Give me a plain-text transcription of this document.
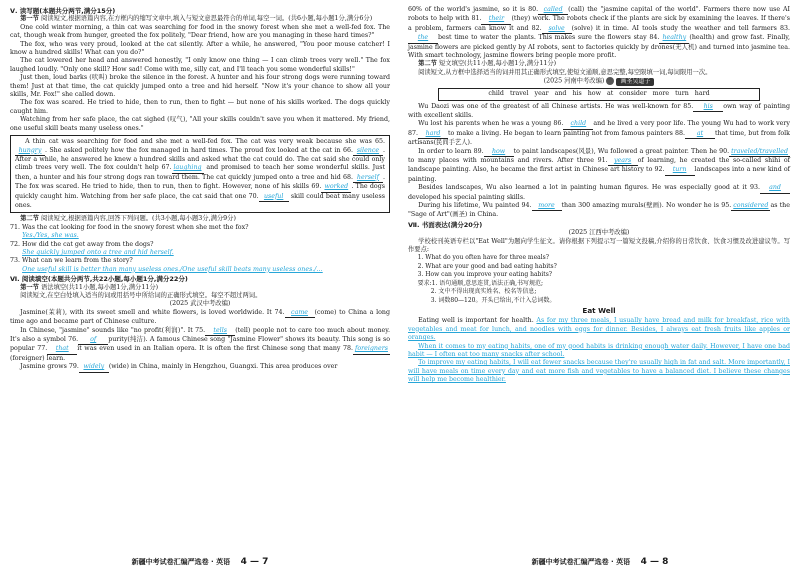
Ⅴ. 读写题(本题共分两节,满分15分)

第一节 阅读短文,根据语篇内容,在方框内的缩写文章中,填入与短文意思最符合的单词,每空一词。(共6小题,每小题1分,满分6分)

One cold winter morning, a thin cat was searching for food in the snowy forest when she met a well-fed fox. The cat, though weak from hunger, greeted the fox politely, "Dear friend, how are you managing in these hard times?"

The fox, who was very proud, looked at the cat silently. After a while, he answered, "You poor mouse catcher! I know a hundred skills! What can you do?"

The cat lowered her head and answered honestly, "I only know one thing — I can climb trees very well." The fox laughed loudly. "Only one skill? How sad! Come with me, silly cat, and I'll teach you some wonderful skills!"

Just then, loud barks (吠叫) broke the silence in the forest. A hunter and his four strong dogs were running toward them! Just at that time, the cat quickly jumped onto a tree and hid herself. "Now it's your chance to show all your skills, Mr. Fox!" she called down.

The fox was scared. He tried to hide, then to run, then to fight — but none of his skills worked. The dogs quickly caught him.

Watching from her safe place, the cat sighed (叹气), "All your skills couldn't save you when it mattered. My friend, one useful skill beats many useless ones."

A thin cat was searching for food and she met a well-fed fox. The cat was very weak because she was 65.hungry . She asked politely how the fox managed in hard times. The proud fox looked at the cat in 66. silence . After a while, he answered he knew a hundred skills and asked what the cat could do. The cat said she could only climb trees very well. The fox couldn't help 67. laughing and promised to teach her some wonderful skills. Just then, a hunter and his four strong dogs ran toward them. The cat quickly jumped onto a tree and hid 68. herself . The fox was scared. He tried to hide, then to run, then to fight. However, none of his skills 69. worked . The dogs quickly caught him. Watching from her safe place, the cat said that one 70. useful skill could beat many useless ones.

第二节 阅读短文,根据语篇内容,回答下列问题。(共3小题,每小题3分,满分9分)

71. Was the cat looking for food in the snowy forest when she met the fox?

Yes./Yes, she was.

72. How did the cat get away from the dogs?

She quickly jumped onto a tree and hid herself.

73. What can we learn from the story?

One useful skill is better than many useless ones./One useful skill beats many useless ones./…

Ⅵ. 阅读填空(本题共分两节,共22小题,每小题1分,满分22分)

第一节 语法填空(共11小题,每小题1分,满分11分)

阅读短文,在空白处填入适当的词或用括号中所给词的正确形式填空。每空不超过两词。

(2025 武汉中考改编)

Jasmine(茉莉), with its sweet smell and white flowers, is loved worldwide. It 74. came (come) to China a long time ago and became part of Chinese culture.

In Chinese, "jasmine" sounds like "no profit(利润)". It 75. tells (tell) people not to care too much about money. It's also a symbol 76. of purity(纯洁). A famous Chinese song "Jasmine Flower" shows its beauty. This song is so popular 77. that it was even used in an Italian opera. It is often the first Chinese song that many 78. foreigners(foreigner) learn.

Jasmine grows 79. widely (wide) in China, mainly in Hengzhou, Guangxi. This area produces over

新疆中考试卷汇编严选卷 · 英语 4 — 7

60% of the world's jasmine, so it is 80. called (call) the "jasmine capital of the world". Farmers there now use AI robots to help with 81. their (they) work. The robots check if the plants are sick by examining the leaves. If there's a problem, farmers can know it and 82. solve (solve) it in time. AI tools study the weather and tell farmers 83.the best time to water the plants. This makes sure the flowers stay 84. healthy (health) and grow fast. Finally, jasmine flowers are picked gently by AI robots, sent to factories quickly by drones(无人机) and turned into jasmine tea. With smart technology, jasmine flowers bring people more profit.

第二节 短文填空(共11小题,每小题1分,满分11分)

阅读短文,从方框中选择适当的词并用其正确形式填空,使短文通顺,意思完整,每空限填一词,每词限用一次。

(2025 河南中考改编)	画圣吴道子

child travel year and his how at consider more turn hard

Wu Daozi was one of the greatest of all Chinese artists. He was well-known for 85. his own way of painting with excellent skills.

Wu lost his parents when he was a young 86. child and he lived a very poor life. The young Wu had to work very 87. hard to make a living. He began to learn painting not from famous painters 88. at that time, but from folk artisans(民间手艺人).

In order to learn 89. how to paint landscapes(风景), Wu followed a great painter. Then he 90. traveled/travelledto many places with mountains and rivers. After three 91. years of learning, he created the so-called shihi of landscape painting. Also, he became the first artist in Chinese art history to 92. turn landscapes into a new kind of painting.

Besides landscapes, Wu also learned a lot in painting human figures. He was especially good at it 93. anddeveloped his special painting skills.

During his lifetime, Wu painted 94. more than 300 amazing murals(壁画). No wonder he is 95. considered as the "Sage of Art"(画圣) in China.

Ⅶ. 书面表达(满分20分)

(2025 江西中考改编)

学校校刊英语专栏以"Eat Well"为题向学生征文。请你根据下列提示写一篇短文投稿,介绍你的日常饮食、饮食习惯及改进建议等。写作要点:

1. What do you often have for three meals?

2. What are your good and bad eating habits?

3. How can you improve your eating habits?

要求:1. 语句通顺,意思连贯,语法正确,书写规范;

2. 文中不得出现真实姓名、校名等信息;

3. 词数80—120。开头已给出,不计入总词数。

Eat Well

Eating well is important for health. As for my three meals, I usually have bread and milk for breakfast, rice with vegetables and meat for lunch, and noodles with eggs for dinner. Besides, I always eat fresh fruits like apples or oranges.

When it comes to my eating habits, one of my good habits is drinking enough water daily. However, I have one bad habit — I often eat too many snacks after school.

To improve my eating habits, I will eat fewer snacks because they're usually high in fat and salt. More importantly, I will have meals on time every day and eat more fish and vegetables to have a balanced diet. I believe these changes will help me become healthier.

新疆中考试卷汇编严选卷 · 英语 4 — 8
